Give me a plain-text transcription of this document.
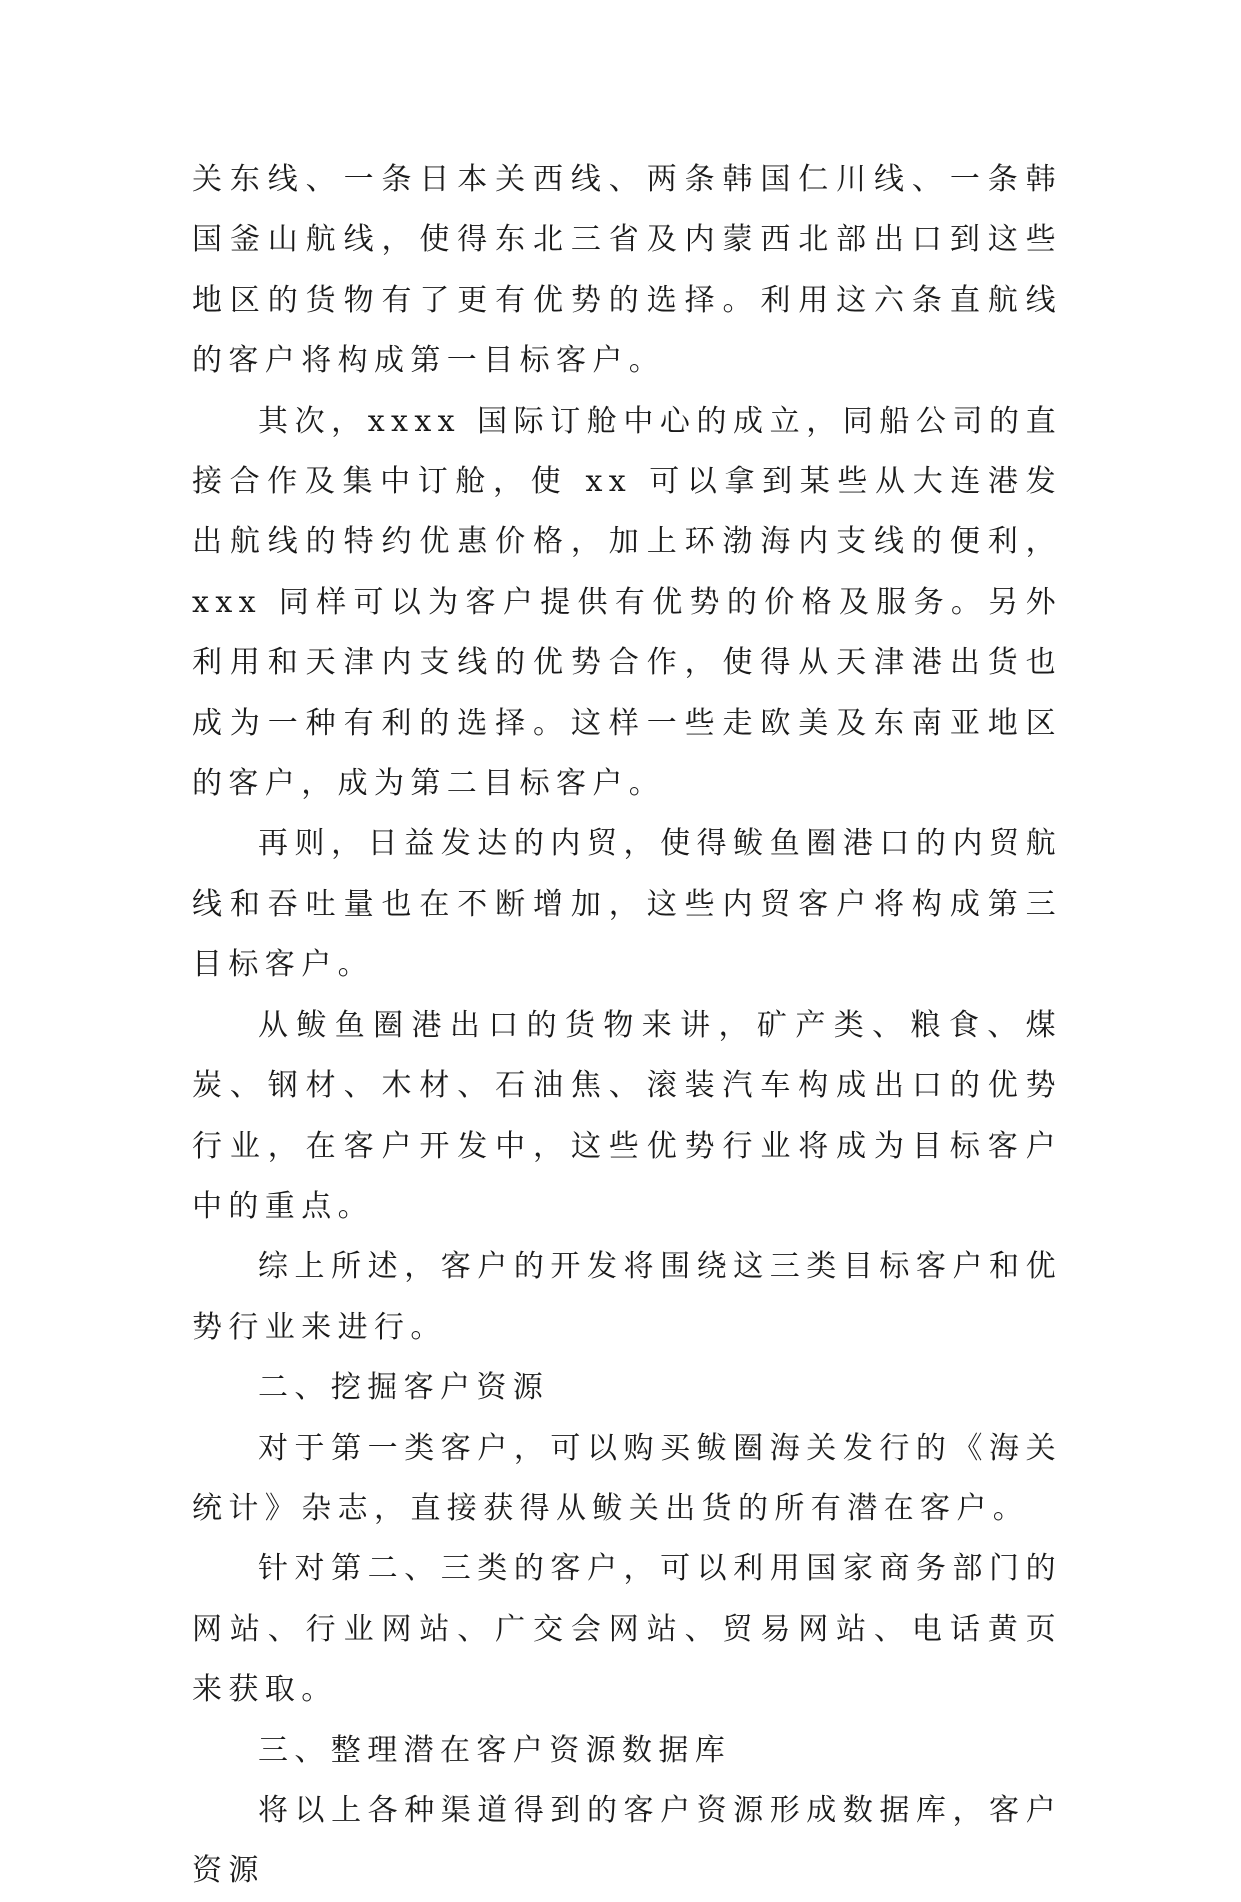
关东线、一条日本关西线、两条韩国仁川线、一条韩国釜山航线，使得东北三省及内蒙西北部出口到这些地区的货物有了更有优势的选择。利用这六条直航线的客户将构成第一目标客户。

其次，xxxx 国际订舱中心的成立，同船公司的直接合作及集中订舱，使 xx 可以拿到某些从大连港发出航线的特约优惠价格，加上环渤海内支线的便利，xxx 同样可以为客户提供有优势的价格及服务。另外利用和天津内支线的优势合作，使得从天津港出货也成为一种有利的选择。这样一些走欧美及东南亚地区的客户，成为第二目标客户。

再则，日益发达的内贸，使得鲅鱼圈港口的内贸航线和吞吐量也在不断增加，这些内贸客户将构成第三目标客户。

从鲅鱼圈港出口的货物来讲，矿产类、粮食、煤炭、钢材、木材、石油焦、滚装汽车构成出口的优势行业，在客户开发中，这些优势行业将成为目标客户中的重点。

综上所述，客户的开发将围绕这三类目标客户和优势行业来进行。

二、挖掘客户资源

对于第一类客户，可以购买鲅圈海关发行的《海关统计》杂志，直接获得从鲅关出货的所有潜在客户。

针对第二、三类的客户，可以利用国家商务部门的网站、行业网站、广交会网站、贸易网站、电话黄页来获取。

三、整理潜在客户资源数据库

将以上各种渠道得到的客户资源形成数据库，客户资源
